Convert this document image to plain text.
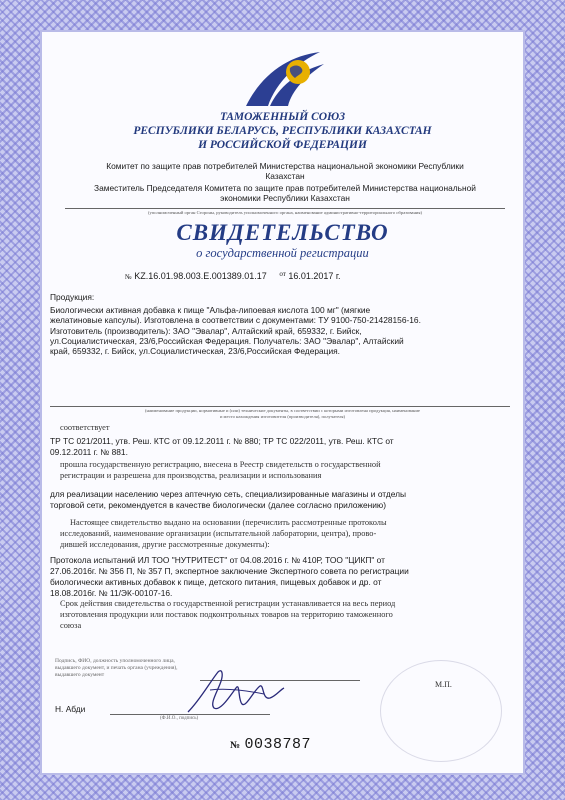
ТАМОЖЕННЫЙ СОЮЗ
РЕСПУБЛИКИ БЕЛАРУСЬ, РЕСПУБЛИКИ КАЗАХСТАН
И РОССИЙСКОЙ ФЕДЕРАЦИИ
Комитет по защите прав потребителей Министерства национальной экономики Республики
Казахстан
Заместитель Председателя Комитета по защите прав потребителей Министерства национальной
экономики Республики Казахстан
(уполномоченный орган Стороны, руководитель уполномоченного органа, наименование административно-территориального образования)
СВИДЕТЕЛЬСТВО
о государственной регистрации
№ KZ.16.01.98.003.E.001389.01.17 $^{от}$ 16.01.2017 г.
Продукция:
Биологически активная добавка к пище "Альфа-липоевая кислота 100 мг" (мягкие
желатиновые капсулы). Изготовлена в соответствии с документами: ТУ 9100-750-21428156-16.
Изготовитель (производитель): ЗАО "Эвалар", Алтайский край, 659332, г. Бийск,
ул.Социалистическая, 23/6,Российская Федерация. Получатель: ЗАО "Эвалар", Алтайский
край, 659332, г. Бийск, ул.Социалистическая, 23/6,Российская Федерация.
(наименование продукции, нормативные и (или) технические документы, в соответствии с которыми изготовлена продукция, наименование
и место нахождения изготовителя (производителя), получателя)
соответствует
ТР ТС 021/2011, утв. Реш. КТС от 09.12.2011 г. № 880; ТР ТС 022/2011, утв. Реш. КТС от
09.12.2011 г. № 881.
прошла государственную регистрацию, внесена в Реестр свидетельств о государственной
регистрации и разрешена для производства, реализации и использования
для реализации населению через аптечную сеть, специализированные магазины и отделы
торговой сети, рекомендуется в качестве биологически (далее согласно приложению)
Настоящее свидетельство выдано на основании (перечислить рассмотренные протоколы
исследований, наименование организации (испытательной лаборатории, центра), прово-
дившей исследования, другие рассмотренные документы):
Протокола испытаний ИЛ ТОО "НУТРИТЕСТ" от 04.08.2016 г. № 410Р, ТОО "ЦИКП" от
27.06.2016г. № 356 П, № 357 П, экспертное заключение Экспертного совета по регистрации
биологически активных добавок к пище, детского питания, пищевых добавок и др. от
18.08.2016г. № 11/ЭК-00107-16.
Срок действия свидетельства о государственной регистрации устанавливается на весь период
изготовления продукции или поставок подконтрольных товаров на территорию таможенного
союза
Подпись, ФИО, должность уполномоченного лица,
выдавшего документ, и печать органа (учреждения),
выдавшего документ
Н. Абди
(Ф.И.О., подпись)
М.П.
№ 0038787
